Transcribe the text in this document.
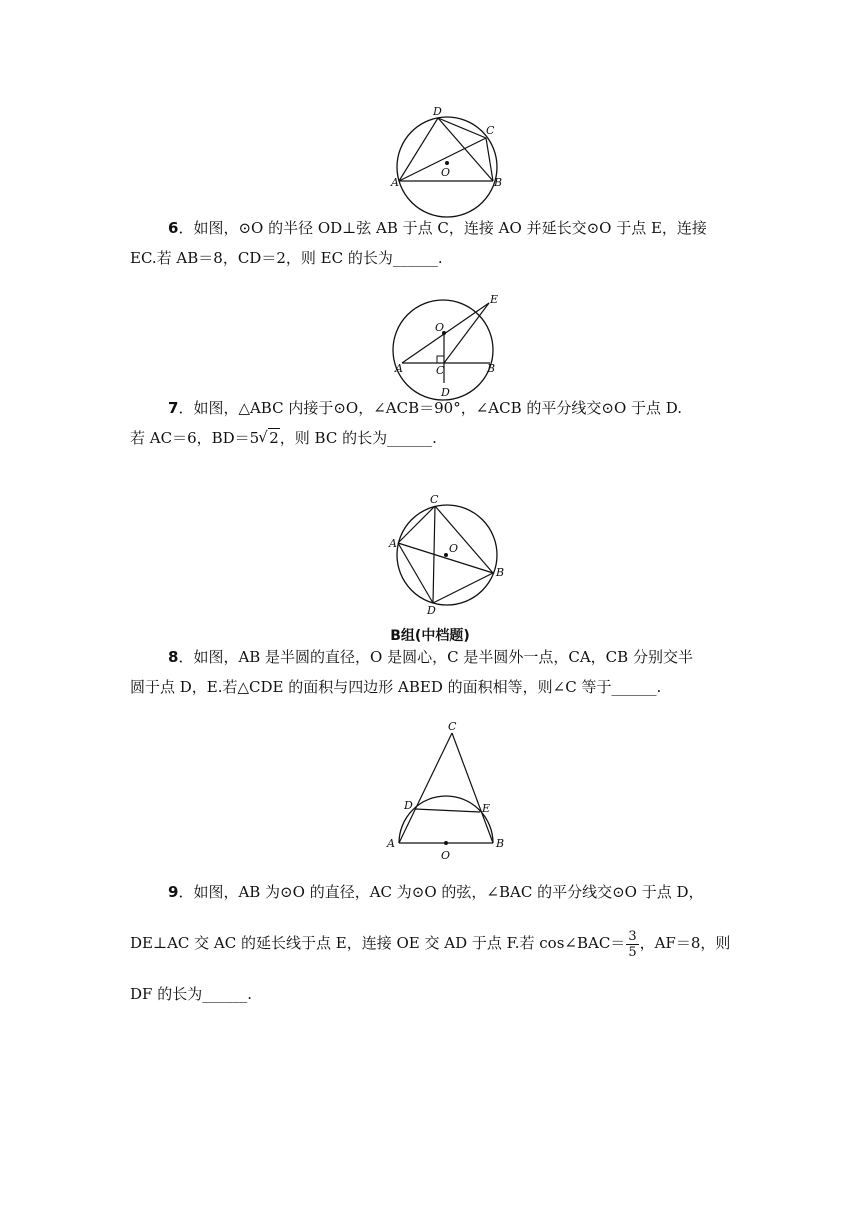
D
C
O
A	B
6．如图，⊙O 的半径 OD⊥弦 AB 于点 C，连接 AO 并延长交⊙O 于点 E，连接
EC.若 AB＝8，CD＝2，则 EC 的长为______.
E
O
A	C	B
D
7．如图，△ABC 内接于⊙O，∠ACB＝90°，∠ACB 的平分线交⊙O 于点 D.
若 AC＝6，BD＝5√ 2，则 BC 的长为______.
C
A	O
B
D
B组(中档题)
8．如图，AB 是半圆的直径，O 是圆心，C 是半圆外一点，CA，CB 分别交半
圆于点 D，E.若△CDE 的面积与四边形 ABED 的面积相等，则∠C 等于______.
C
D	E
A	B
O
9．如图，AB 为⊙O 的直径，AC 为⊙O 的弦，∠BAC 的平分线交⊙O 于点 D，
DE⊥AC 交 AC 的延长线于点 E，连接 OE 交 AD 于点 F.若 cos∠BAC＝ $\frac{3}{5}$ ，AF＝8，则
DF 的长为______.
